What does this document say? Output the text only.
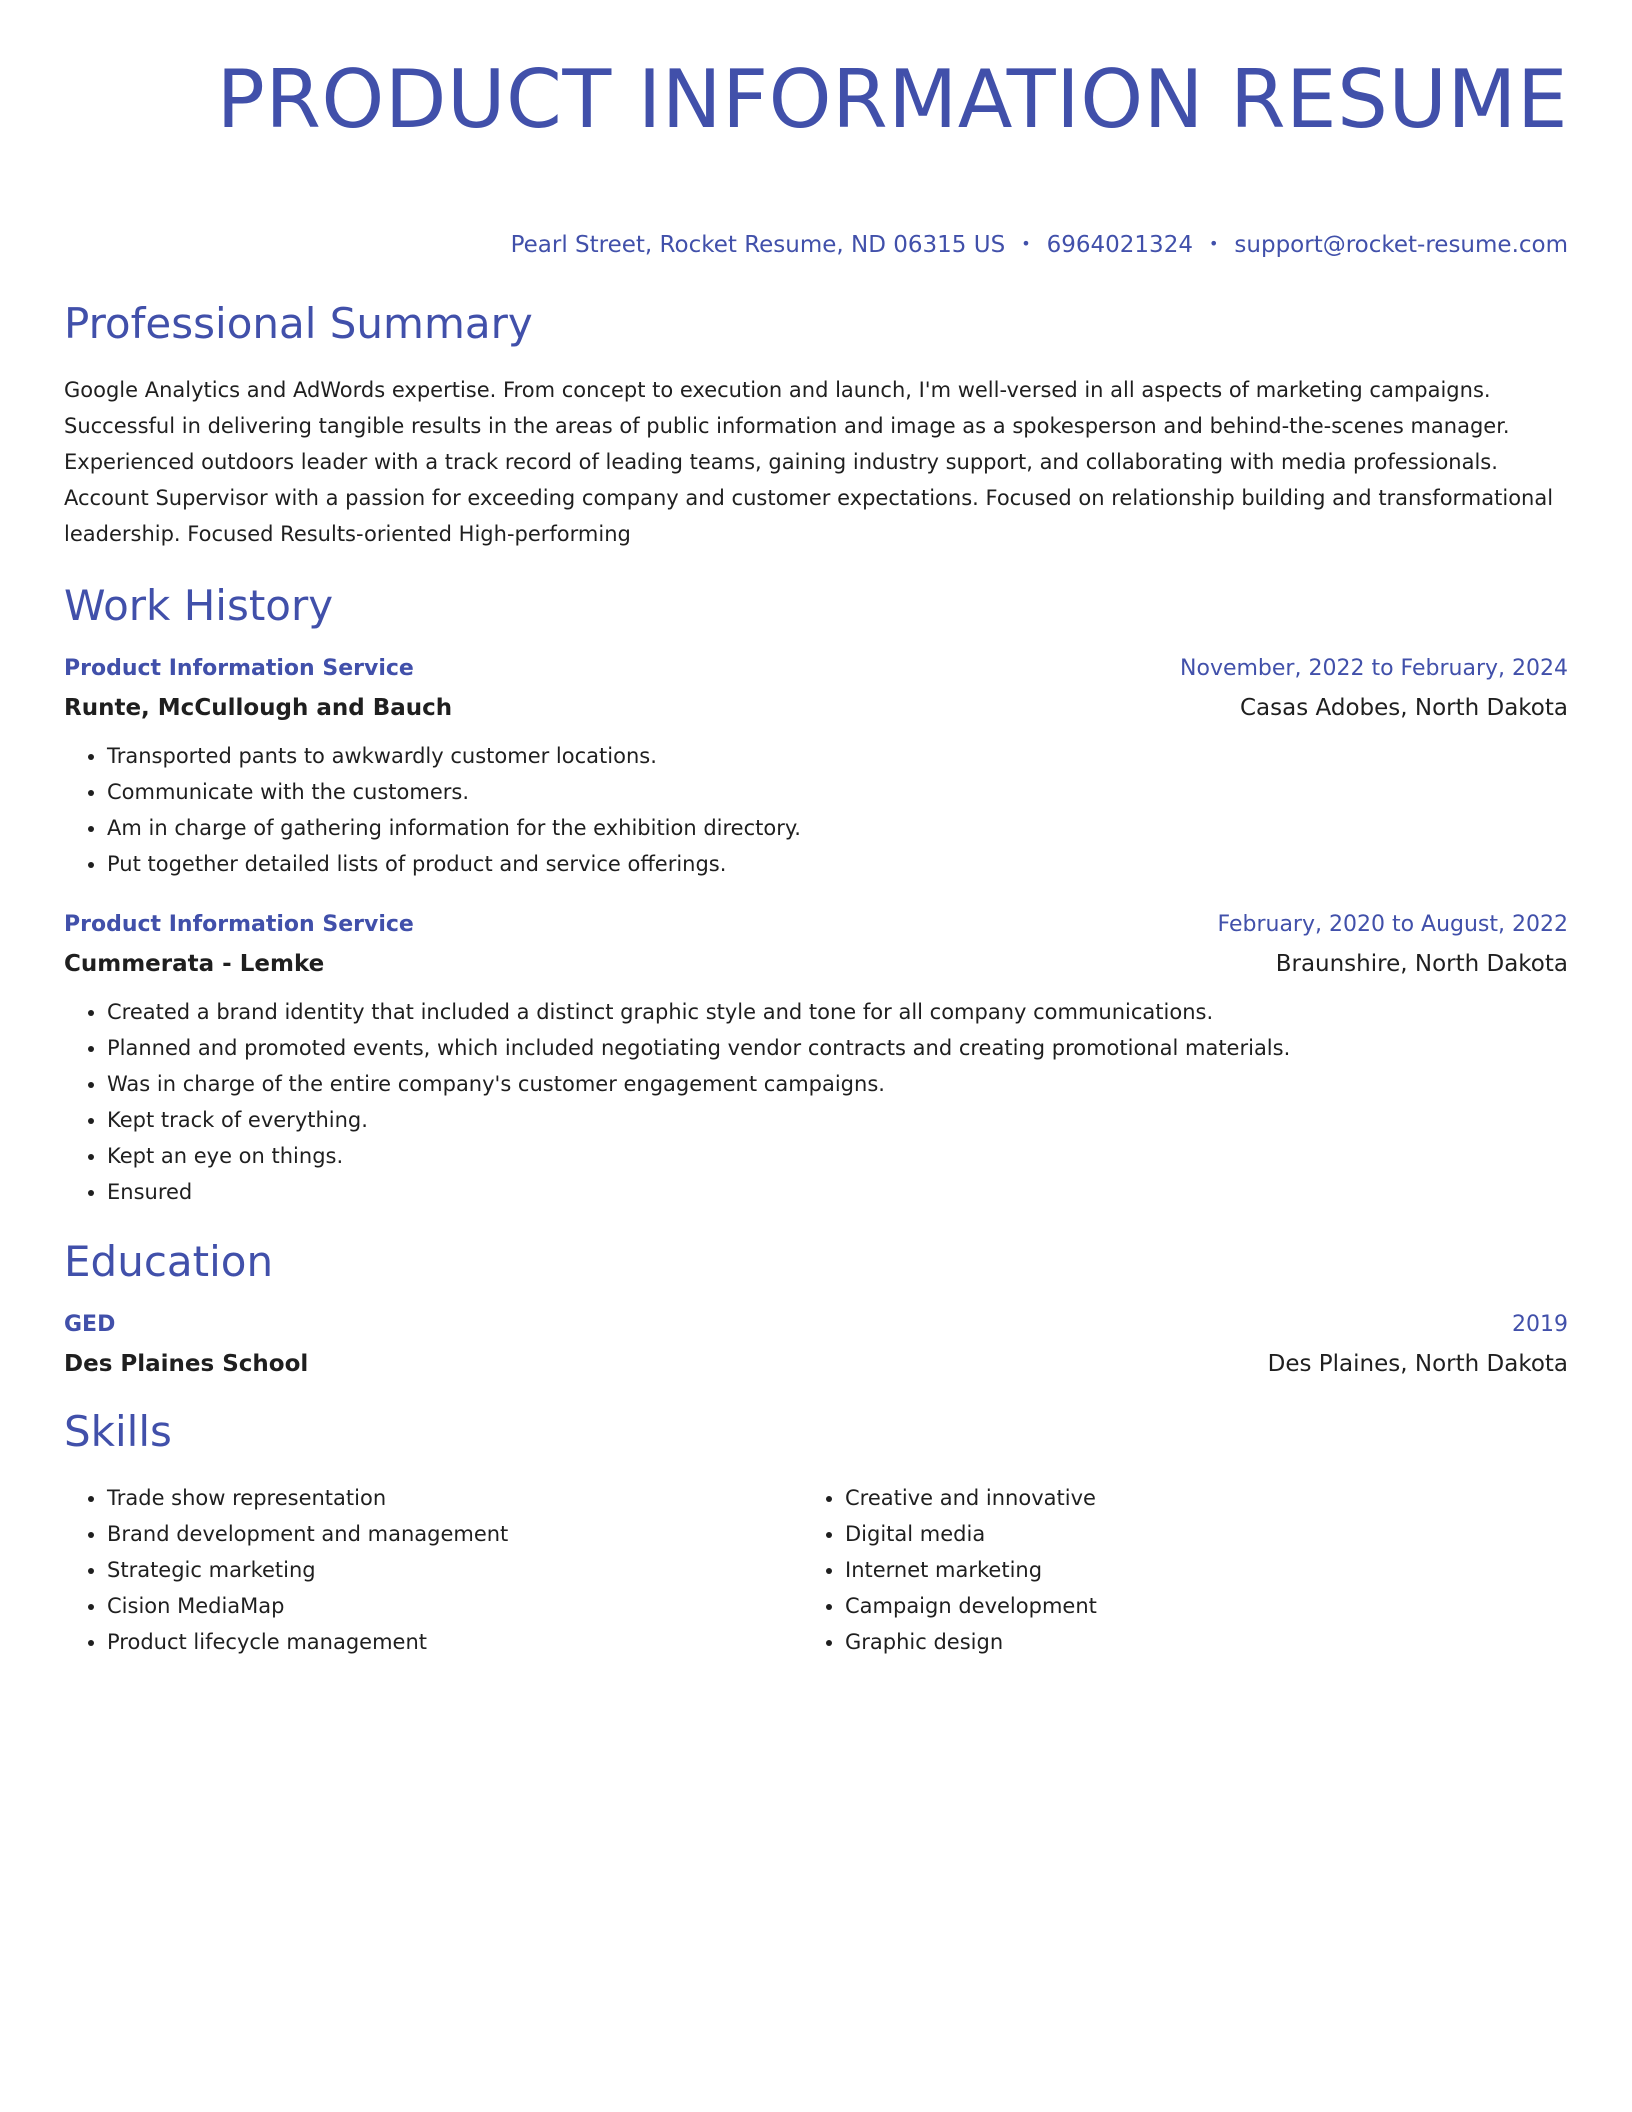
PRODUCT INFORMATION RESUME
Pearl Street, Rocket Resume, ND 06315 US • 6964021324 • support@rocket-resume.com
Professional Summary

Google Analytics and AdWords expertise. From concept to execution and launch, I'm well-versed in all aspects of marketing campaigns. Successful in delivering tangible results in the areas of public information and image as a spokesperson and behind-the-scenes manager. Experienced outdoors leader with a track record of leading teams, gaining industry support, and collaborating with media professionals. Account Supervisor with a passion for exceeding company and customer expectations. Focused on relationship building and transformational leadership. Focused Results-oriented High-performing

Work History
Product Information Service	November, 2022 to February, 2024
Runte, McCullough and Bauch	Casas Adobes, North Dakota
• Transported pants to awkwardly customer locations.
• Communicate with the customers.
• Am in charge of gathering information for the exhibition directory.
• Put together detailed lists of product and service offerings.
Product Information Service	February, 2020 to August, 2022
Cummerata - Lemke	Braunshire, North Dakota
• Created a brand identity that included a distinct graphic style and tone for all company communications.
• Planned and promoted events, which included negotiating vendor contracts and creating promotional materials.
• Was in charge of the entire company's customer engagement campaigns.
• Kept track of everything.
• Kept an eye on things.
• Ensured
Education
GED	2019
Des Plaines School	Des Plaines, North Dakota
Skills
• Trade show representation
• Brand development and management
• Strategic marketing
• Cision MediaMap
• Product lifecycle management
• Creative and innovative
• Digital media
• Internet marketing
• Campaign development
• Graphic design
